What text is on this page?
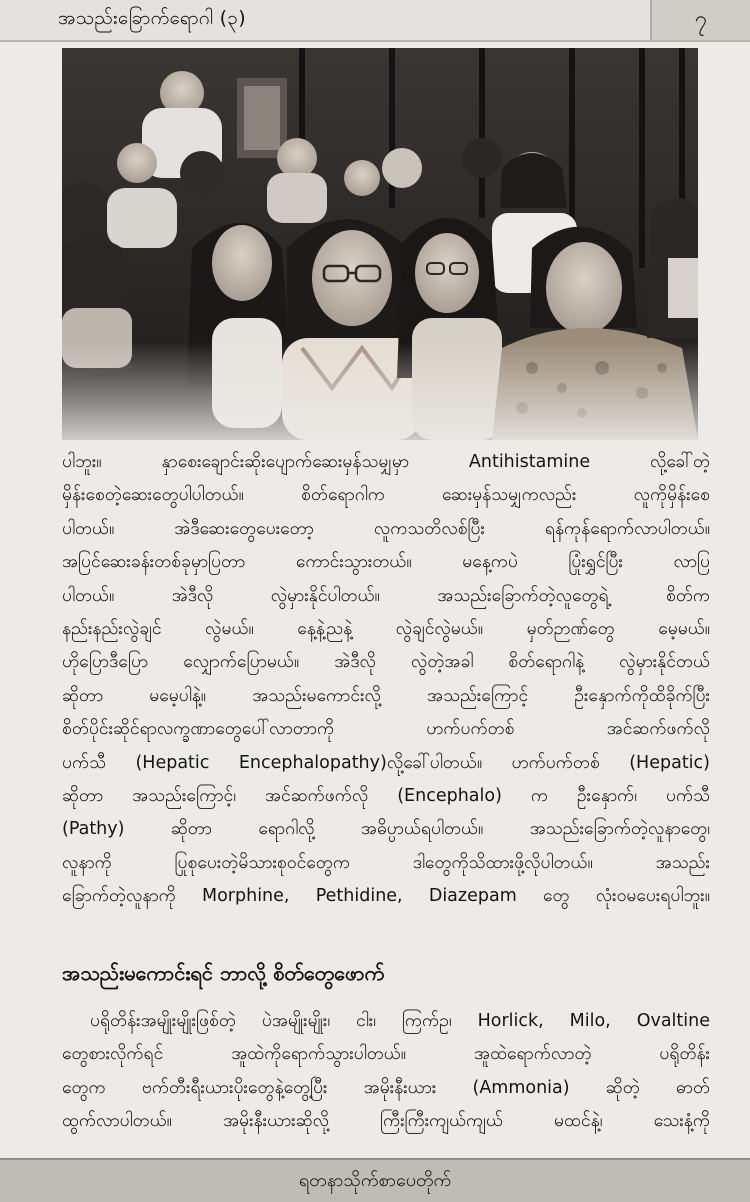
အသည်းခြောက်ရောဂါ (၃)	၇
ပါဘူး။ နှာစေးချောင်းဆိုးပျောက်ဆေးမှန်သမျှမှာ Antihistamine လို့ခေါ်တဲ့
မှိန်းစေတဲ့ဆေးတွေပါပါတယ်။ စိတ်ရောဂါက ဆေးမှန်သမျှကလည်း လူကိုမှိန်းစေ
ပါတယ်။ အဲဒီဆေးတွေပေးတော့ လူကသတိလစ်ပြီး ရန်ကုန်ရောက်လာပါတယ်။
အပြင်ဆေးခန်းတစ်ခုမှာပြတာ ကောင်းသွားတယ်။ မနေ့ကပဲ ပြုံးရွှင်ပြီး လာပြ
ပါတယ်။ အဲဒီလို လွဲမှားနိုင်ပါတယ်။ အသည်းခြောက်တဲ့လူတွေရဲ့ စိတ်က
နည်းနည်းလွဲချင် လွဲမယ်။ နေ့နဲ့ညနဲ့ လွဲချင်လွဲမယ်။ မှတ်ဉာဏ်တွေ မေ့မယ်။
ဟိုပြောဒီပြော လျှောက်ပြောမယ်။ အဲဒီလို လွဲတဲ့အခါ စိတ်ရောဂါနဲ့ လွဲမှားနိုင်တယ်
ဆိုတာ မမေ့ပါနဲ့။ အသည်းမကောင်းလို့ အသည်းကြောင့် ဦးနှောက်ကိုထိခိုက်ပြီး
စိတ်ပိုင်းဆိုင်ရာလက္ခဏာတွေပေါ်လာတာကို ဟက်ပက်တစ် အင်ဆက်ဖက်လို
ပက်သီ (Hepatic Encephalopathy)လို့ခေါ်ပါတယ်။ ဟက်ပက်တစ် (Hepatic)
ဆိုတာ အသည်းကြောင့်၊ အင်ဆက်ဖက်လို (Encephalo) က ဦးနှောက်၊ ပက်သီ
(Pathy) ဆိုတာ ရောဂါလို့ အဓိပ္ပာယ်ရပါတယ်။ အသည်းခြောက်တဲ့လူနာတွေ၊
လူနာကို ပြုစုပေးတဲ့မိသားစုဝင်တွေက ဒါတွေကိုသိထားဖို့လိုပါတယ်။ အသည်း
ခြောက်တဲ့လူနာကို Morphine, Pethidine, Diazepam တွေ လုံးဝမပေးရပါဘူး။
အသည်းမကောင်းရင် ဘာလို့ စိတ်တွေဖောက်
ပရိုတိန်းအမျိုးမျိုးဖြစ်တဲ့ ပဲအမျိုးမျိုး၊ ငါး၊ ကြက်ဥ၊ Horlick, Milo, Ovaltine
တွေစားလိုက်ရင် အူထဲကိုရောက်သွားပါတယ်။ အူထဲရောက်လာတဲ့ ပရိုတိန်း
တွေက ဗက်တီးရီးယားပိုးတွေနဲ့တွေ့ပြီး အမိုးနီးယား (Ammonia) ဆိုတဲ့ ဓာတ်
ထွက်လာပါတယ်။ အမိုးနီးယားဆိုလို့ ကြီးကြီးကျယ်ကျယ် မထင်နဲ့၊ သေးနံ့ကို
ရတနာသိုက်စာပေတိုက်
